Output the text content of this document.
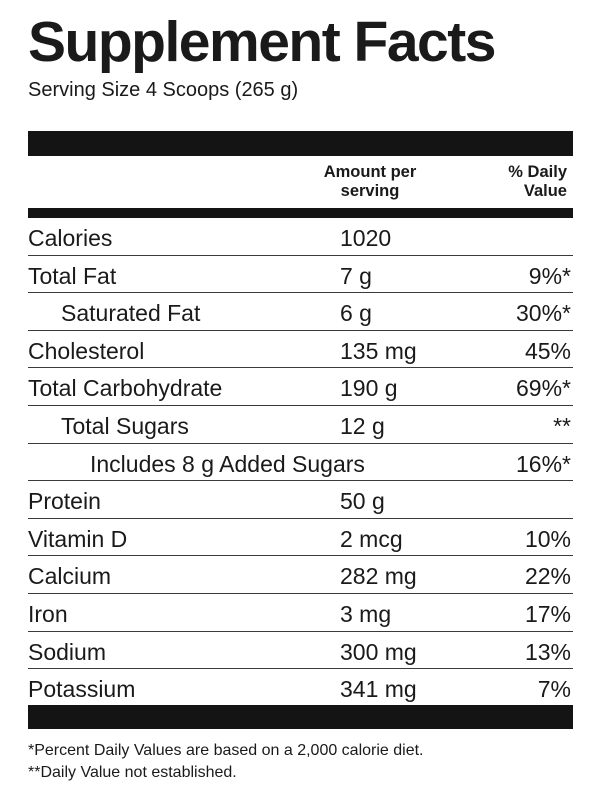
Supplement Facts
Serving Size 4 Scoops (265 g)
Amount per
serving
% Daily
Value
Calories	1020
Total Fat	7 g	9%*
Saturated Fat	6 g	30%*
Cholesterol	135 mg	45%
Total Carbohydrate	190 g	69%*
Total Sugars	12 g	**
Includes 8 g Added Sugars	16%*
Protein	50 g
Vitamin D	2 mcg	10%
Calcium	282 mg	22%
Iron	3 mg	17%
Sodium	300 mg	13%
Potassium	341 mg	7%
*Percent Daily Values are based on a 2,000 calorie diet.
**Daily Value not established.
